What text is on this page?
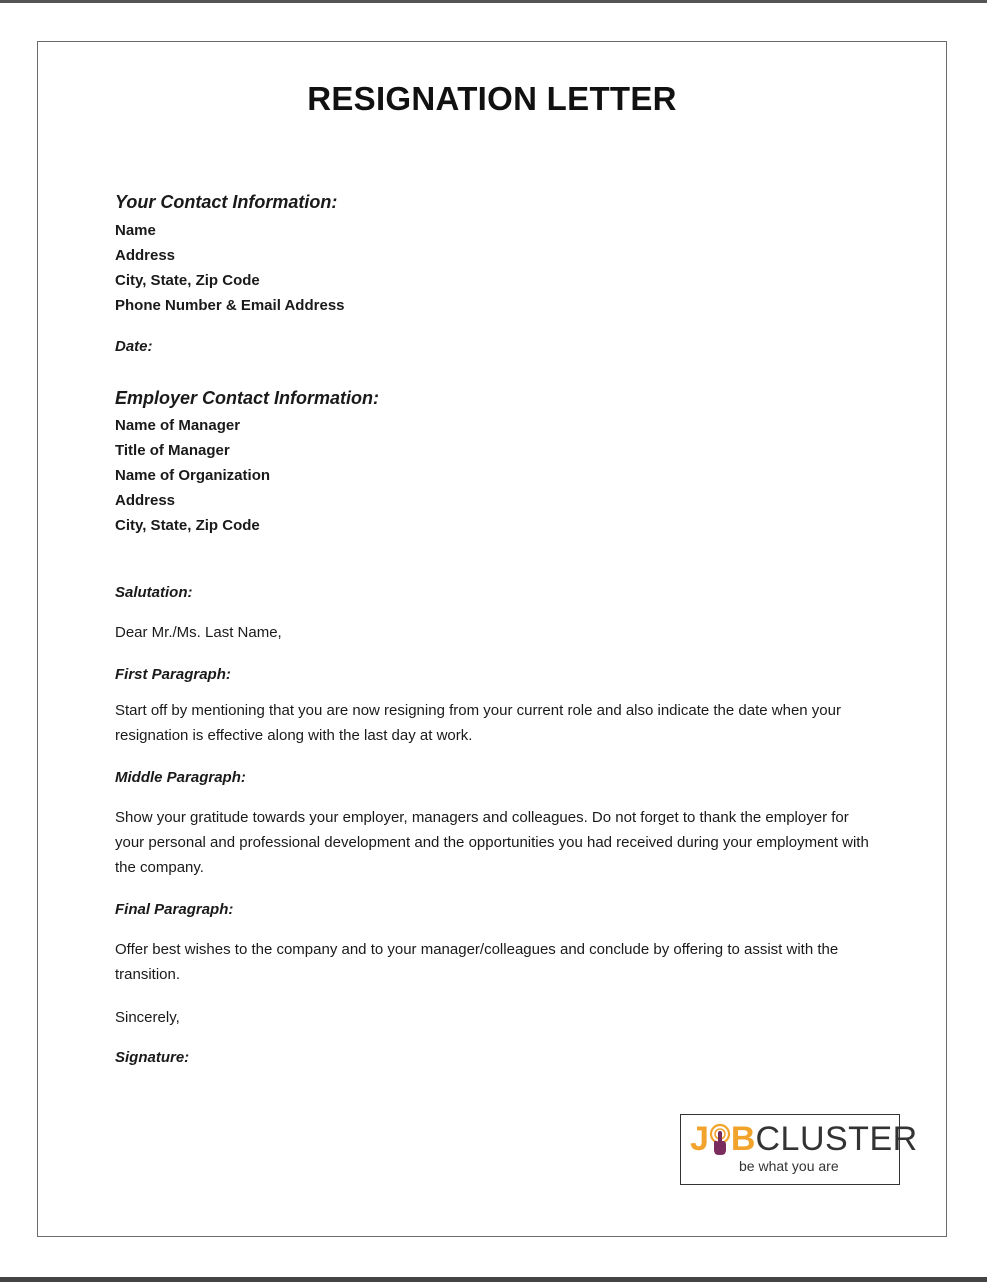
RESIGNATION LETTER
Your Contact Information:
Name
Address
City, State, Zip Code
Phone Number & Email Address
Date:
Employer Contact Information:
Name of Manager
Title of Manager
Name of Organization
Address
City, State, Zip Code
Salutation:
Dear Mr./Ms. Last Name,
First Paragraph:
Start off by mentioning that you are now resigning from your current role and also indicate the date when your resignation is effective along with the last day at work.
Middle Paragraph:
Show your gratitude towards your employer, managers and colleagues. Do not forget to thank the employer for your personal and professional development and the opportunities you had received during your employment with the company.
Final Paragraph:
Offer best wishes to the company and to your manager/colleagues and conclude by offering to assist with the transition.
Sincerely,
Signature:
J BCLUSTER
be what you are
